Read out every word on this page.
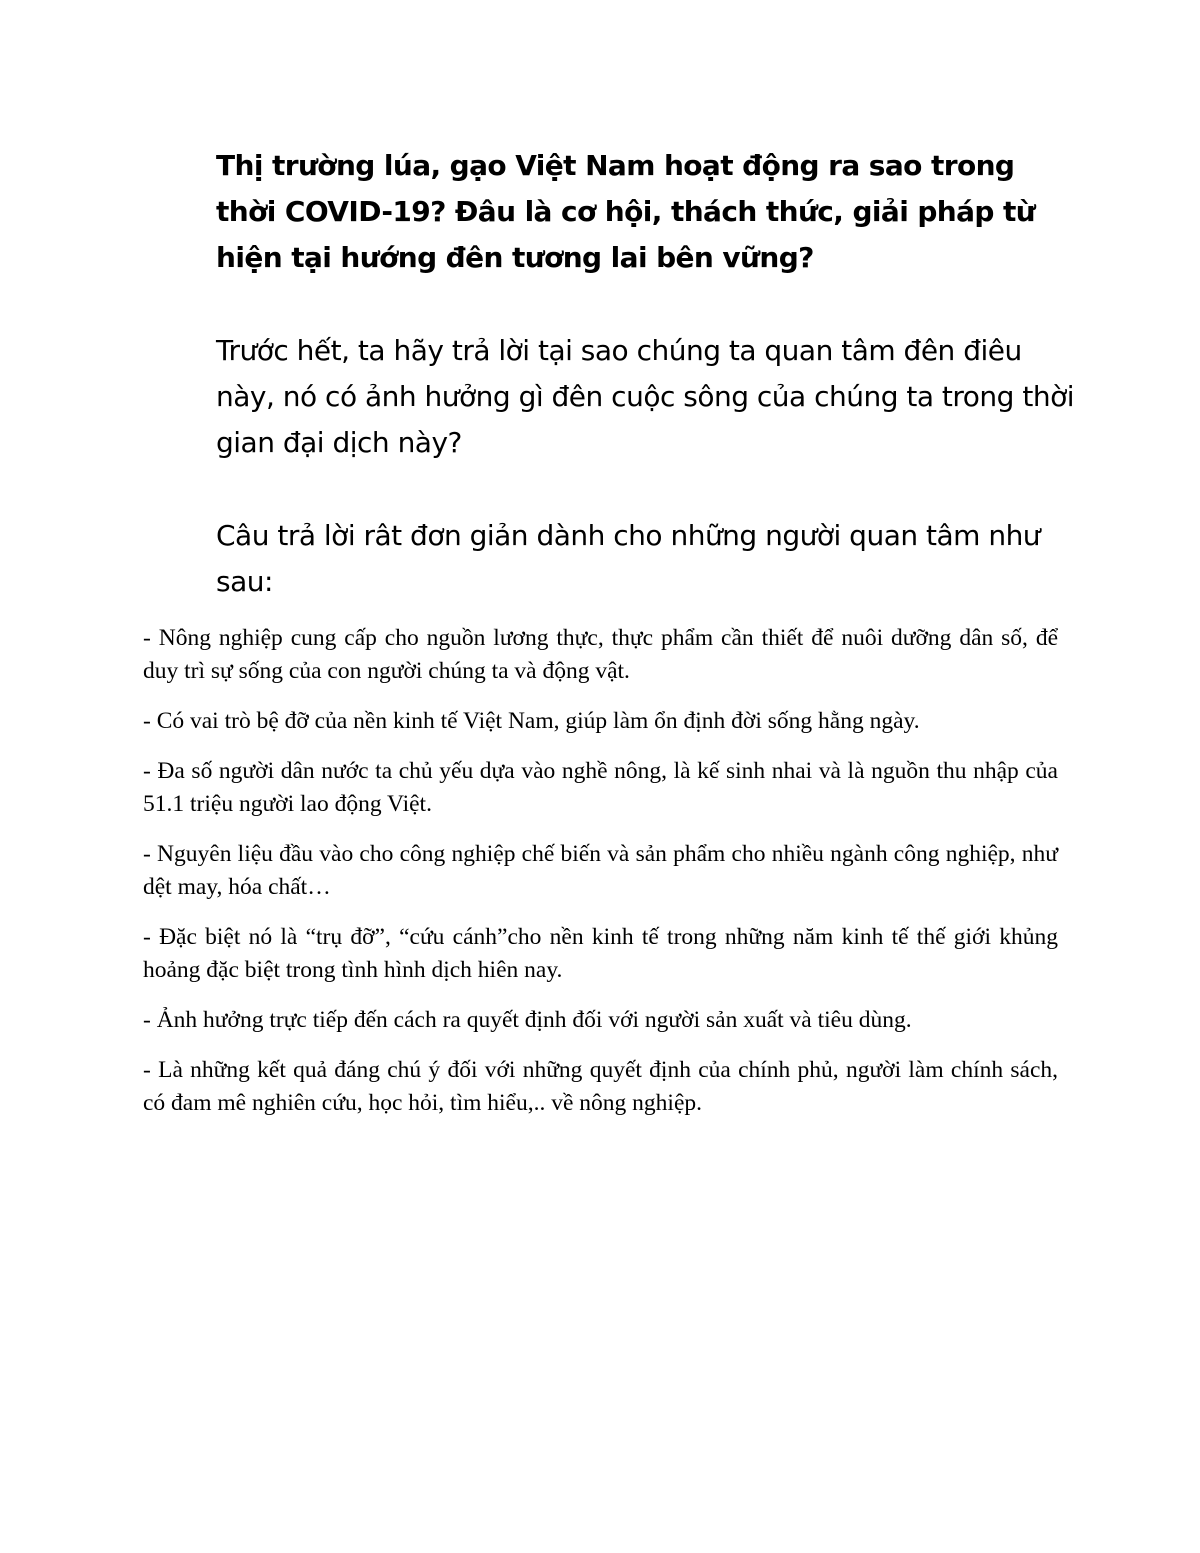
Thị trường lúa, gạo Việt Nam hoạt động ra sao trong thời COVID-19? Đâu là cơ hội, thách thức, giải pháp từ hiện tại hướng đên tương lai bên vững?

Trước hết, ta hãy trả lời tại sao chúng ta quan tâm đên điêu này, nó có ảnh hưởng gì đên cuộc sông của chúng ta trong thời gian đại dịch này?

Câu trả lời rât đơn giản dành cho những người quan tâm như sau:

- Nông nghiệp cung cấp cho nguồn lương thực, thực phẩm cần thiết để nuôi dưỡng dân số, để duy trì sự sống của con người chúng ta và động vật.
- Có vai trò bệ đỡ của nền kinh tế Việt Nam, giúp làm ổn định đời sống hằng ngày.
- Đa số người dân nước ta chủ yếu dựa vào nghề nông, là kế sinh nhai và là nguồn thu nhập của 51.1 triệu người lao động Việt.
- Nguyên liệu đầu vào cho công nghiệp chế biến và sản phẩm cho nhiều ngành công nghiệp, như dệt may, hóa chất…
- Đặc biệt nó là “trụ đỡ”, “cứu cánh”cho nền kinh tế trong những năm kinh tế thế giới khủng hoảng đặc biệt trong tình hình dịch hiên nay.
- Ảnh hưởng trực tiếp đến cách ra quyết định đối với người sản xuất và tiêu dùng.
- Là những kết quả đáng chú ý đối với những quyết định của chính phủ, người làm chính sách, có đam mê nghiên cứu, học hỏi, tìm hiểu,.. về nông nghiệp.
